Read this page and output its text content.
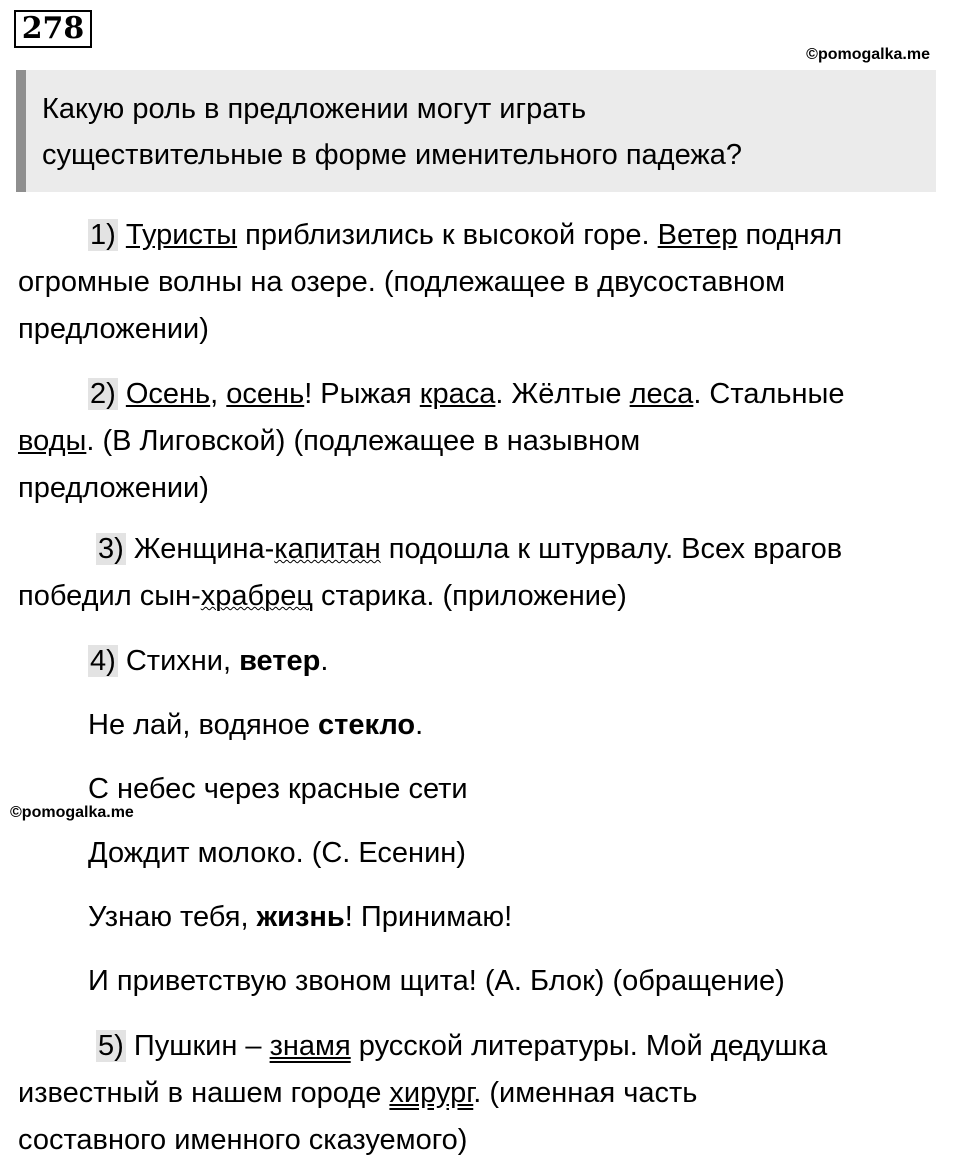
278
©pomogalka.me
Какую роль в предложении могут играть
существительные в форме именительного падежа?
1) Туристы приблизились к высокой горе. Ветер поднял
огромные волны на озере. (подлежащее в двусоставном
предложении)
2) Осень, осень! Рыжая краса. Жёлтые леса. Стальные
воды. (В Лиговской) (подлежащее в назывном
предложении)
3) Женщина-капитан подошла к штурвалу. Всех врагов
победил сын-храбрец старика. (приложение)
4) Стихни, ветер.
Не лай, водяное стекло.
С небес через красные сети
©pomogalka.me
Дождит молоко. (С. Есенин)
Узнаю тебя, жизнь! Принимаю!
И приветствую звоном щита! (А. Блок) (обращение)
5) Пушкин – знамя русской литературы. Мой дедушка
известный в нашем городе хирург. (именная часть
составного именного сказуемого)
